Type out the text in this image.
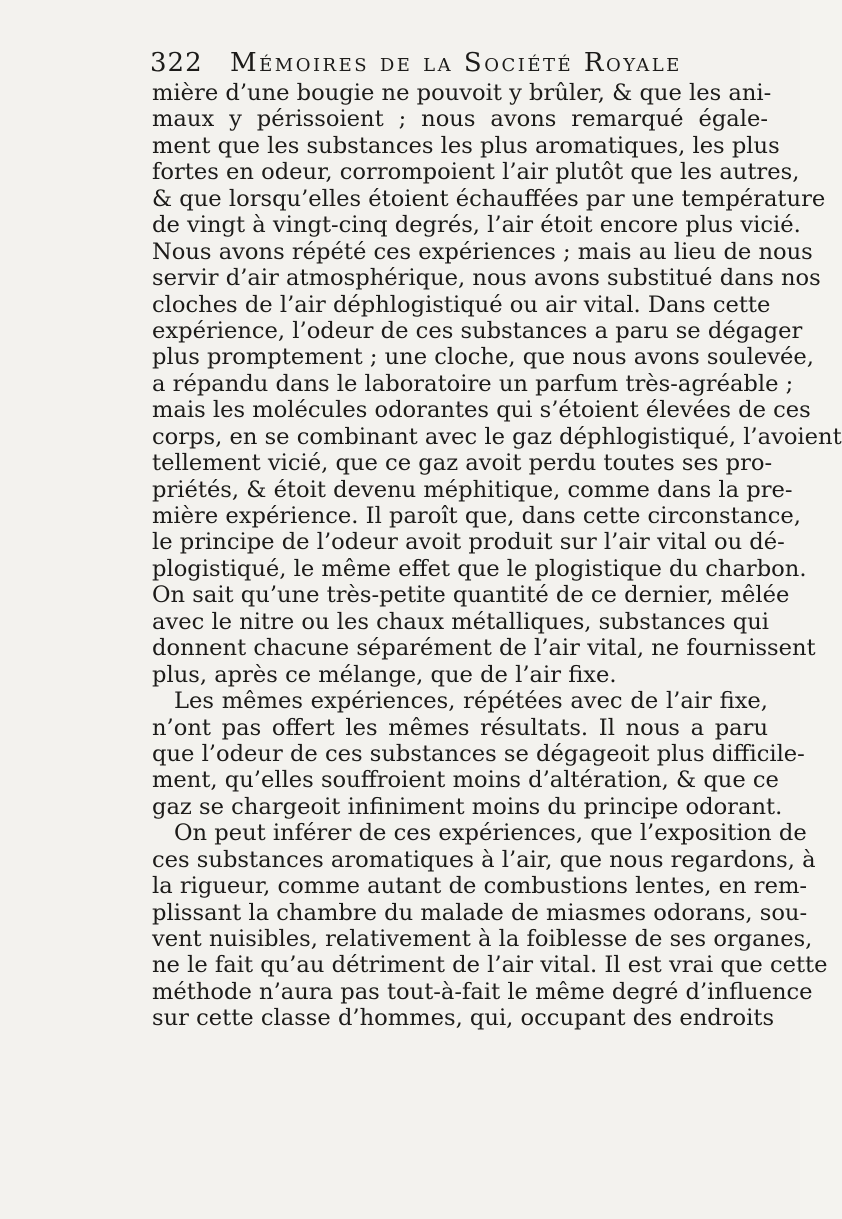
322 Mémoires de la Société Royale
mière d’une bougie ne pouvoit y brûler, & que les ani-
maux y périssoient ; nous avons remarqué égale-
ment que les substances les plus aromatiques, les plus
fortes en odeur, corrompoient l’air plutôt que les autres,
& que lorsqu’elles étoient échauffées par une température
de vingt à vingt-cinq degrés, l’air étoit encore plus vicié.
Nous avons répété ces expériences ; mais au lieu de nous
servir d’air atmosphérique, nous avons substitué dans nos
cloches de l’air déphlogistiqué ou air vital. Dans cette
expérience, l’odeur de ces substances a paru se dégager
plus promptement ; une cloche, que nous avons soulevée,
a répandu dans le laboratoire un parfum très-agréable ;
mais les molécules odorantes qui s’étoient élevées de ces
corps, en se combinant avec le gaz déphlogistiqué, l’avoient
tellement vicié, que ce gaz avoit perdu toutes ses pro-
priétés, & étoit devenu méphitique, comme dans la pre-
mière expérience. Il paroît que, dans cette circonstance,
le principe de l’odeur avoit produit sur l’air vital ou dé-
plogistiqué, le même effet que le plogistique du charbon.
On sait qu’une très-petite quantité de ce dernier, mêlée
avec le nitre ou les chaux métalliques, substances qui
donnent chacune séparément de l’air vital, ne fournissent
plus, après ce mélange, que de l’air fixe.
Les mêmes expériences, répétées avec de l’air fixe,
n’ont pas offert les mêmes résultats. Il nous a paru
que l’odeur de ces substances se dégageoit plus difficile-
ment, qu’elles souffroient moins d’altération, & que ce
gaz se chargeoit infiniment moins du principe odorant.
On peut inférer de ces expériences, que l’exposition de
ces substances aromatiques à l’air, que nous regardons, à
la rigueur, comme autant de combustions lentes, en rem-
plissant la chambre du malade de miasmes odorans, sou-
vent nuisibles, relativement à la foiblesse de ses organes,
ne le fait qu’au détriment de l’air vital. Il est vrai que cette
méthode n’aura pas tout-à-fait le même degré d’influence
sur cette classe d’hommes, qui, occupant des endroits
